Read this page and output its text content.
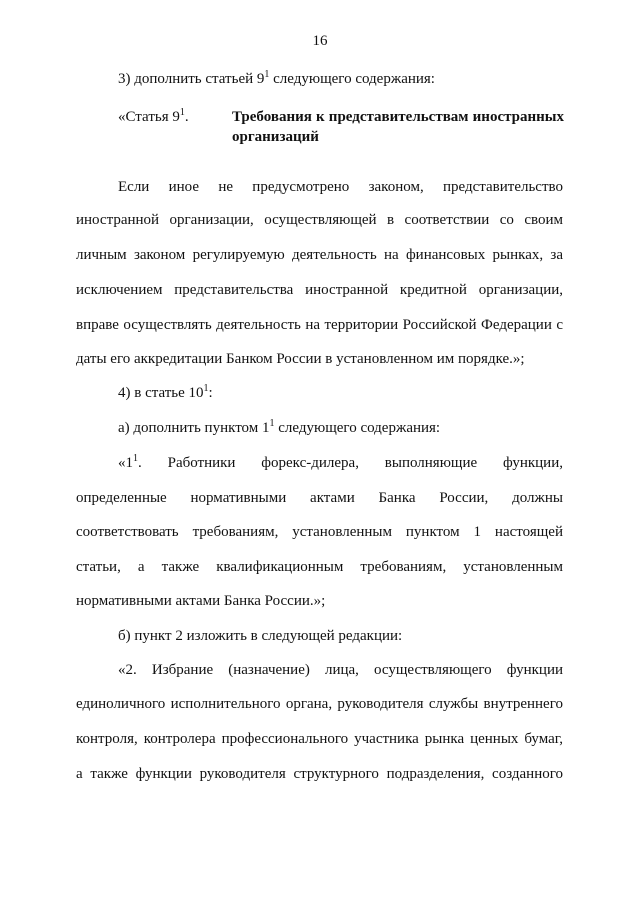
16

3) дополнить статьей $9^1$ следующего содержания:

«Статья $9^1$.	Требования к представительствам иностранных
организаций

Если иное не предусмотрено законом, представительство

иностранной организации, осуществляющей в соответствии со своим

личным законом регулируемую деятельность на финансовых рынках, за

исключением представительства иностранной кредитной организации,

вправе осуществлять деятельность на территории Российской Федерации с

даты его аккредитации Банком России в установленном им порядке.»;

4) в статье $10^1$:

а) дополнить пунктом $1^1$ следующего содержания:

«$1^1$. Работники форекс-дилера, выполняющие функции,

определенные нормативными актами Банка России, должны

соответствовать требованиям, установленным пунктом 1 настоящей

статьи, а также квалификационным требованиям, установленным

нормативными актами Банка России.»;

б) пункт 2 изложить в следующей редакции:

«2. Избрание (назначение) лица, осуществляющего функции

единоличного исполнительного органа, руководителя службы внутреннего

контроля, контролера профессионального участника рынка ценных бумаг,

а также функции руководителя структурного подразделения, созданного
